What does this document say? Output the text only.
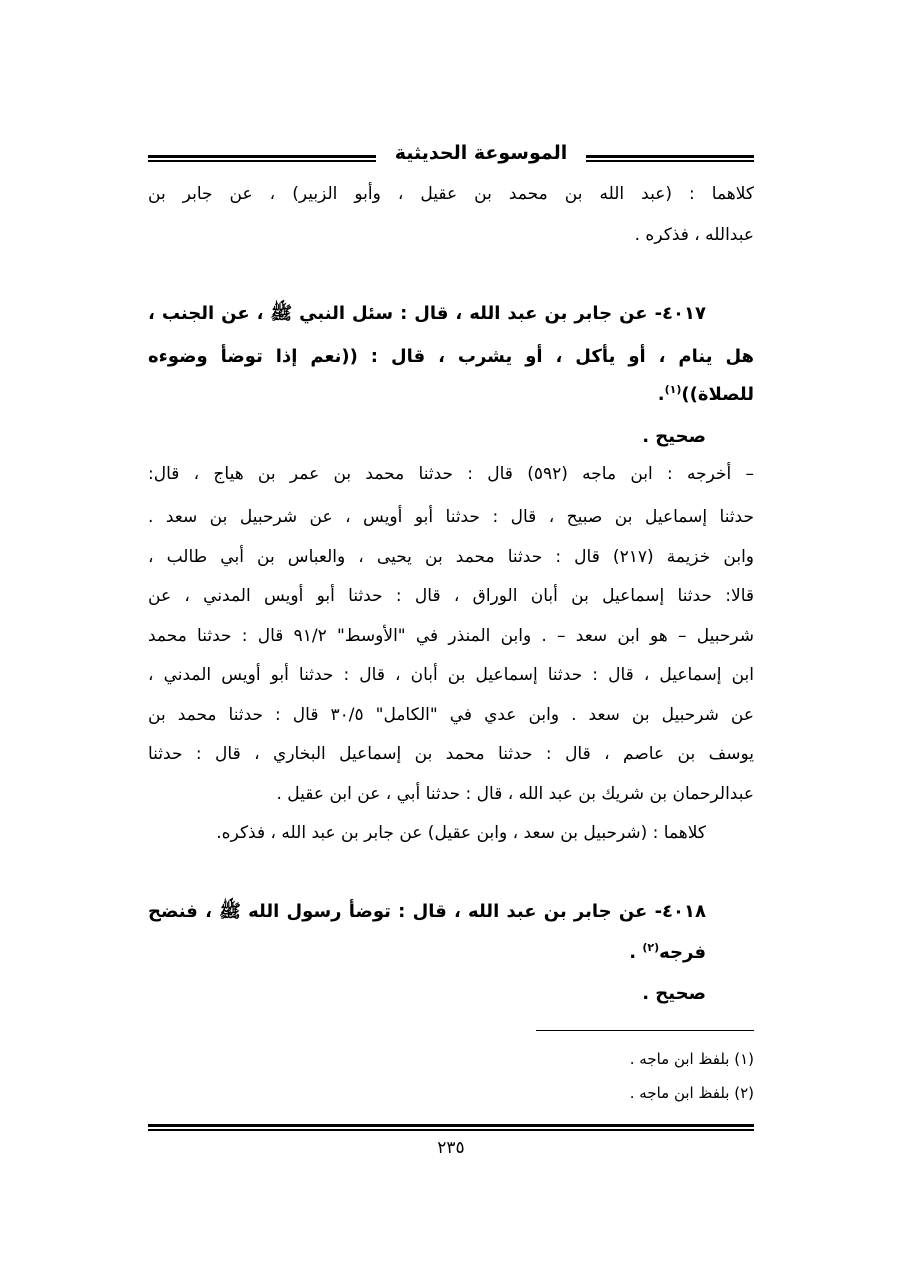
الموسوعة الحديثية
كلاهما : (عبد الله بن محمد بن عقيل ، وأبو الزبير) ، عن جابر بن
عبدالله ، فذكره .
٤٠١٧- عن جابر بن عبد الله ، قال : سئل النبي ﷺ ، عن الجنب ،
هل ينام ، أو يأكل ، أو يشرب ، قال : ((نعم إذا توضأ وضوءه
للصلاة))$^{(١)}$.
صحيح .
– أخرجه : ابن ماجه (٥٩٢) قال : حدثنا محمد بن عمر بن هياج ، قال:
حدثنا إسماعيل بن صبيح ، قال : حدثنا أبو أويس ، عن شرحبيل بن سعد .
وابن خزيمة (٢١٧) قال : حدثنا محمد بن يحيى ، والعباس بن أبي طالب ،
قالا: حدثنا إسماعيل بن أبان الوراق ، قال : حدثنا أبو أويس المدني ، عن
شرحبيل – هو ابن سعد – . وابن المنذر في "الأوسط" ٩١/٢ قال : حدثنا محمد
ابن إسماعيل ، قال : حدثنا إسماعيل بن أبان ، قال : حدثنا أبو أويس المدني ،
عن شرحبيل بن سعد . وابن عدي في "الكامل" ٣٠/٥ قال : حدثنا محمد بن
يوسف بن عاصم ، قال : حدثنا محمد بن إسماعيل البخاري ، قال : حدثنا
عبدالرحمان بن شريك بن عبد الله ، قال : حدثنا أبي ، عن ابن عقيل .
كلاهما : (شرحبيل بن سعد ، وابن عقيل) عن جابر بن عبد الله ، فذكره.
٤٠١٨- عن جابر بن عبد الله ، قال : توضأ رسول الله ﷺ ، فنضح
فرجه$^{(٢)}$ .
صحيح .
(١) بلفظ ابن ماجه .
(٢) بلفظ ابن ماجه .
٢٣٥
